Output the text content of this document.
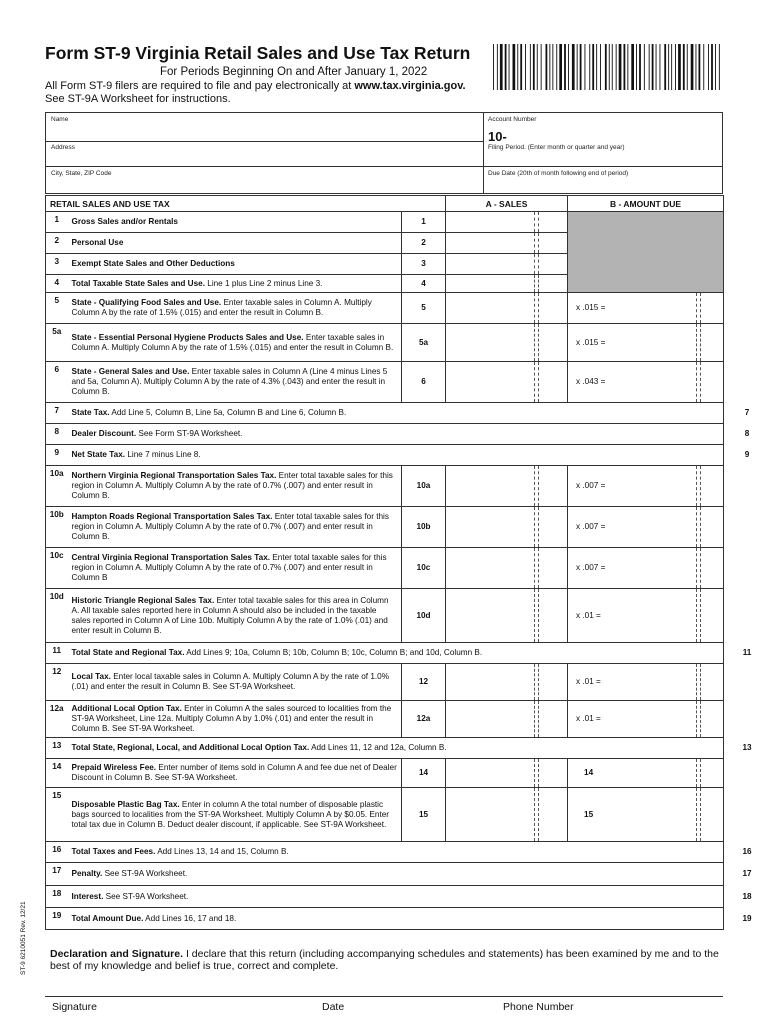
Form ST-9 Virginia Retail Sales and Use Tax Return
For Periods Beginning On and After January 1, 2022
All Form ST-9 filers are required to file and pay electronically at www.tax.virginia.gov.
See ST-9A Worksheet for instructions.
Name	Account Number
10-
Address	Filing Period. (Enter month or quarter and year)
City, State, ZIP Code	Due Date (20th of month following end of period)
RETAIL SALES AND USE TAX			A - SALES	B - AMOUNT DUE	
1	Gross Sales and/or Rentals	1		

2	Personal Use	2			

3	Exempt State Sales and Other Deductions	3			

4	Total Taxable State Sales and Use. Line 1 plus Line 2 minus Line 3.	4			

5	State - Qualifying Food Sales and Use. Enter taxable sales in Column A. Multiply Column A by the rate of 1.5% (.015) and enter the result in Column B.	5		x .015 =	

5a	State - Essential Personal Hygiene Products Sales and Use. Enter taxable sales in Column A. Multiply Column A by the rate of 1.5% (.015) and enter the result in Column B.	5a		x .015 =	

6	State - General Sales and Use. Enter taxable sales in Column A (Line 4 minus Lines 5 and 5a, Column A). Multiply Column A by the rate of 4.3% (.043) and enter the result in Column B.	6		x .043 =	

7	State Tax. Add Line 5, Column B, Line 5a, Column B and Line 6, Column B.				7

8	Dealer Discount. See Form ST-9A Worksheet.				8

9	Net State Tax. Line 7 minus Line 8.				9

10a	Northern Virginia Regional Transportation Sales Tax. Enter total taxable sales for this region in Column A. Multiply Column A by the rate of 0.7% (.007) and enter result in Column B.	10a		x .007 =	

10b	Hampton Roads Regional Transportation Sales Tax. Enter total taxable sales for this region in Column A. Multiply Column A by the rate of 0.7% (.007) and enter result in Column B.	10b		x .007 =	

10c	Central Virginia Regional Transportation Sales Tax. Enter total taxable sales for this region in Column A. Multiply Column A by the rate of 0.7% (.007) and enter result in Column B	10c		x .007 =	

10d	Historic Triangle Regional Sales Tax. Enter total taxable sales for this area in Column A. All taxable sales reported here in Column A should also be included in the taxable sales reported in Column A of Line 10b. Multiply Column A by the rate of 1.0% (.01) and enter result in Column B.	10d		x .01 =	

11	Total State and Regional Tax. Add Lines 9; 10a, Column B; 10b, Column B; 10c, Column B; and 10d, Column B.				11

12	Local Tax. Enter local taxable sales in Column A. Multiply Column A by the rate of 1.0% (.01) and enter the result in Column B. See ST-9A Worksheet.	12		x .01 =	

12a	Additional Local Option Tax. Enter in Column A the sales sourced to localities from the ST-9A Worksheet, Line 12a. Multiply Column A by 1.0% (.01) and enter the result in Column B. See ST-9A Worksheet.	12a		x .01 =	

13	Total State, Regional, Local, and Additional Local Option Tax. Add Lines 11, 12 and 12a, Column B.				13

14	Prepaid Wireless Fee. Enter number of items sold in Column A and fee due net of Dealer Discount in Column B. See ST-9A Worksheet.	14		14	

15	Disposable Plastic Bag Tax. Enter in column A the total number of disposable plastic bags sourced to localities from the ST-9A Worksheet. Multiply Column A by $0.05. Enter total tax due in Column B. Deduct dealer discount, if applicable. See ST-9A Worksheet.	15		15	

16	Total Taxes and Fees. Add Lines 13, 14 and 15, Column B.				16

17	Penalty. See ST-9A Worksheet.				17

18	Interest. See ST-9A Worksheet.				18

19	Total Amount Due. Add Lines 16, 17 and 18.				19
ST-9 6210051 Rev. 12/21 Declaration and Signature. I declare that this return (including accompanying schedules and statements) has been examined by me and to the best of my knowledge and belief is true, correct and complete.
Signature	Date	Phone Number
